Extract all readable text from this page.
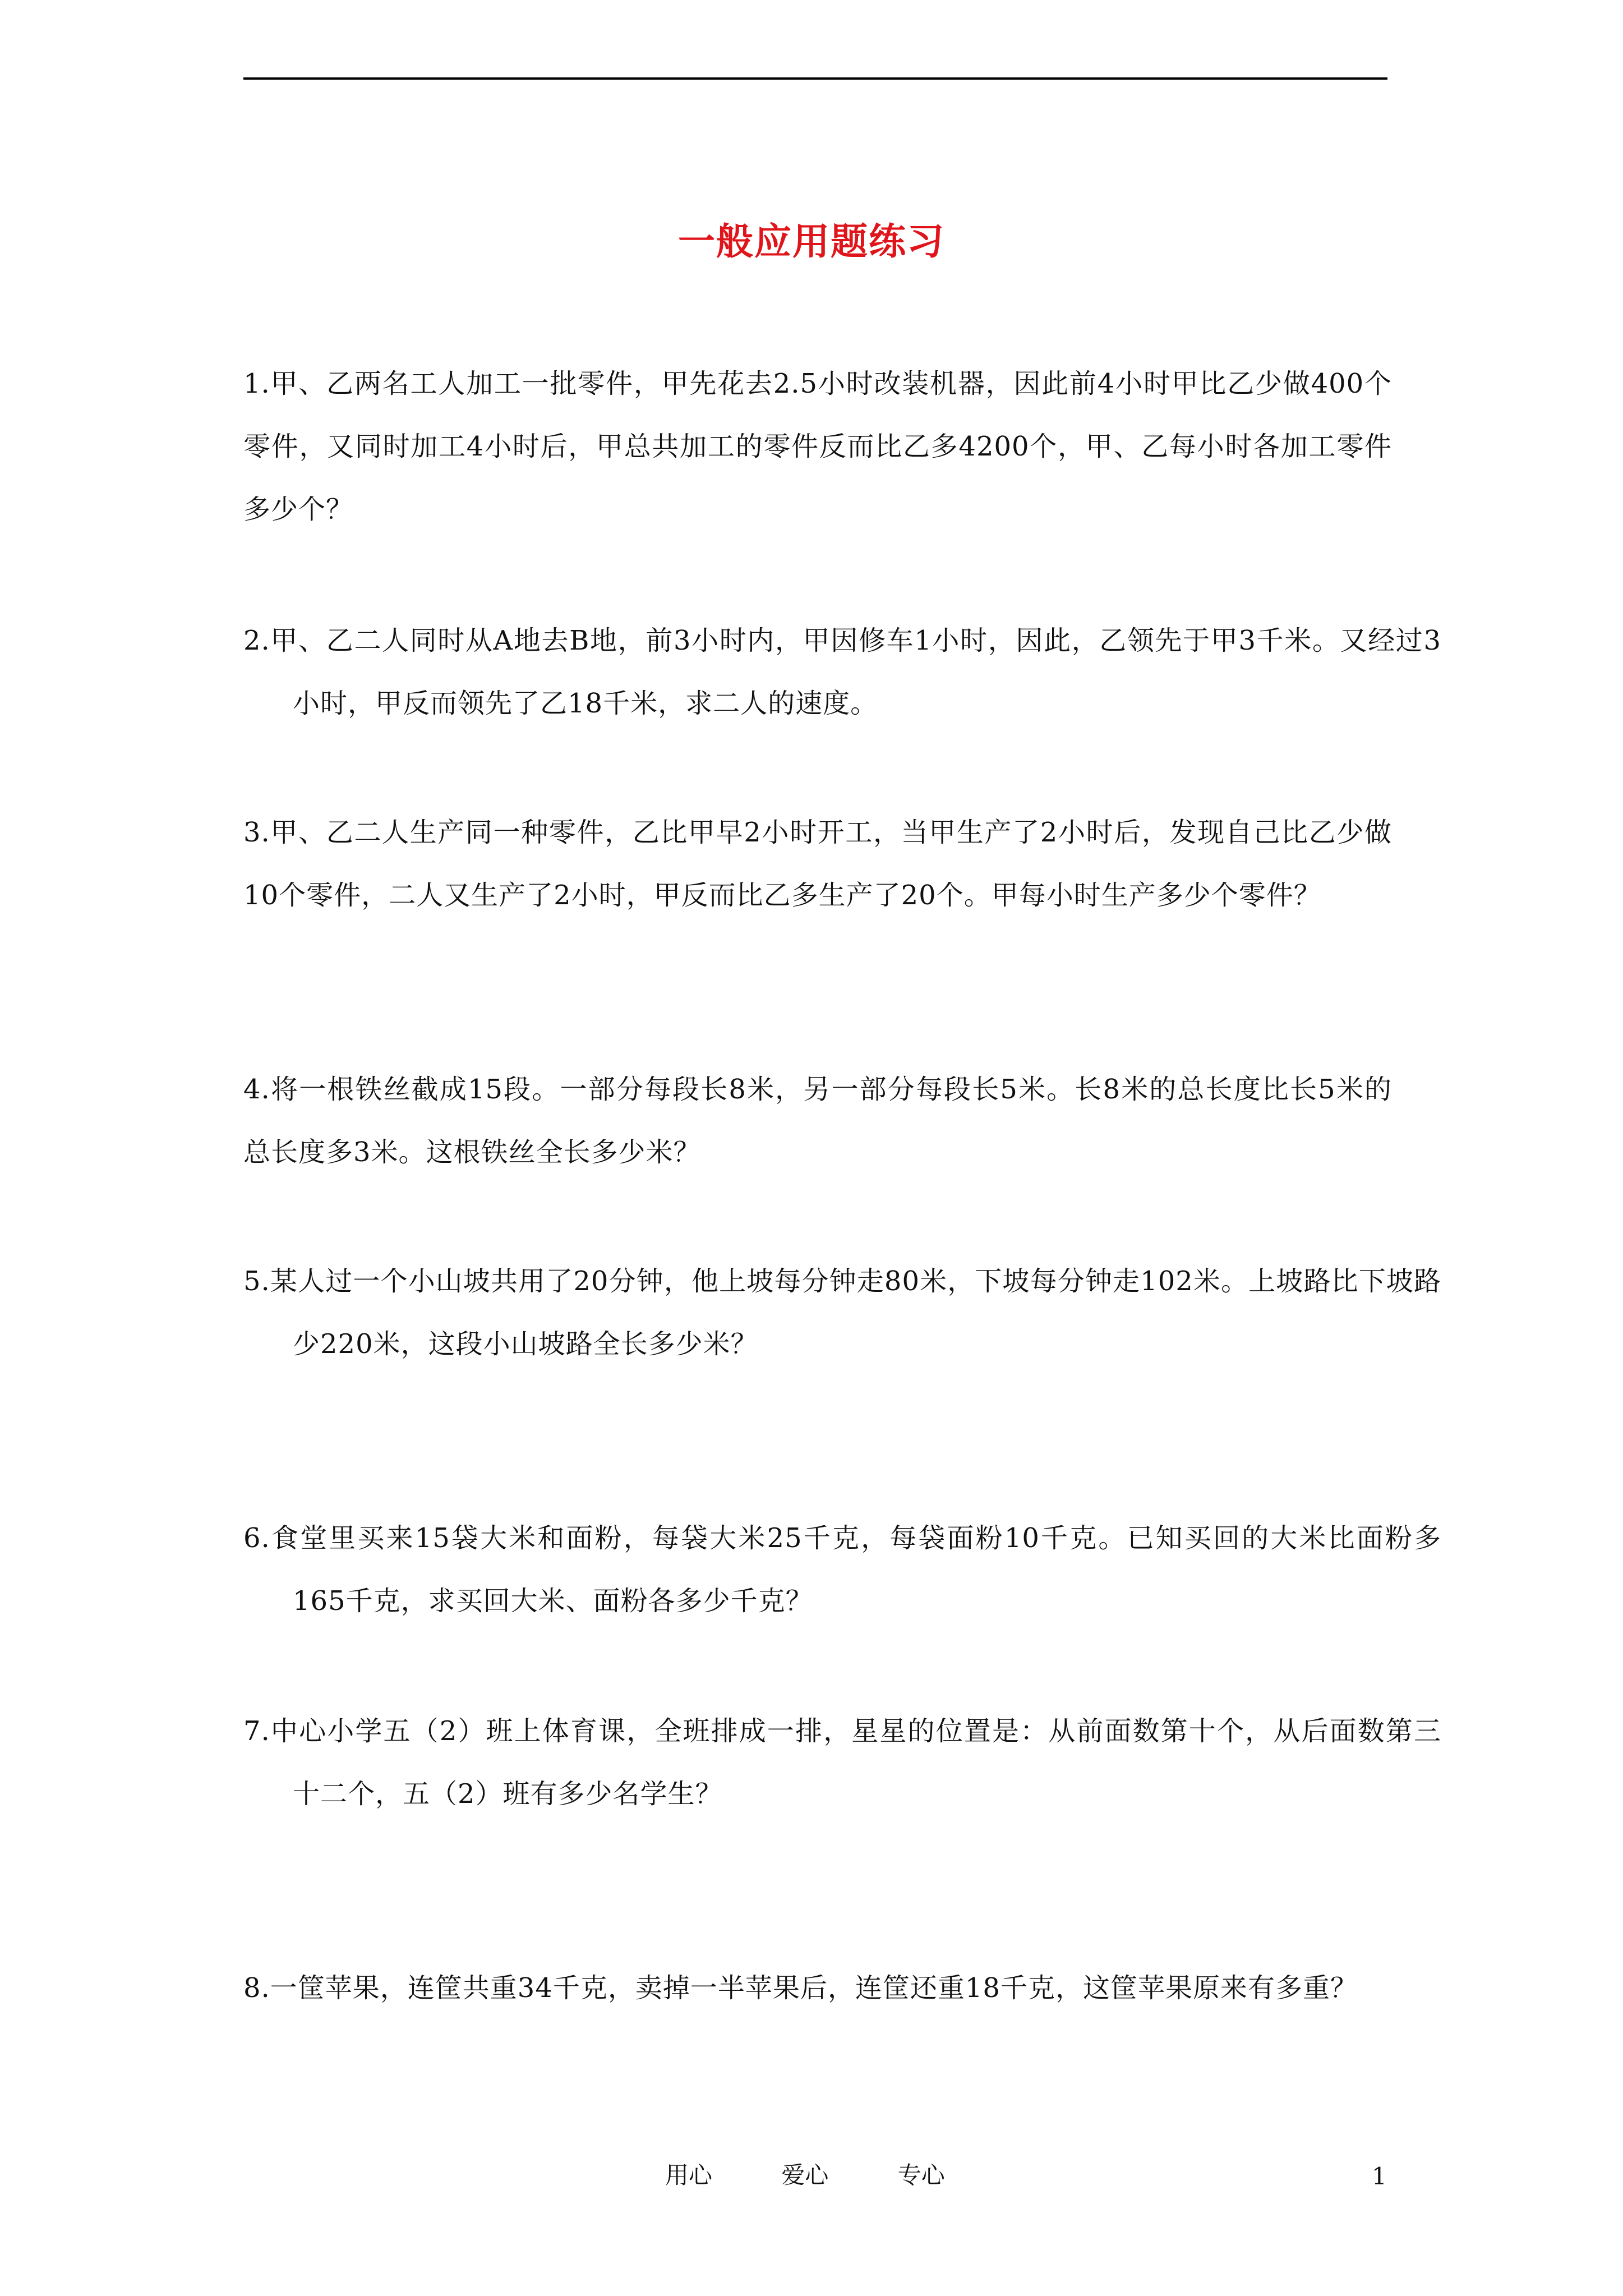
一般应用题练习

1.甲、乙两名工人加工一批零件，甲先花去2.5小时改装机器，因此前4小时甲比乙少做400个零件，又同时加工4小时后，甲总共加工的零件反而比乙多4200个，甲、乙每小时各加工零件多少个？

2.甲、乙二人同时从A地去B地，前3小时内，甲因修车1小时，因此，乙领先于甲3千米。又经过3小时，甲反而领先了乙18千米，求二人的速度。

3.甲、乙二人生产同一种零件，乙比甲早2小时开工，当甲生产了2小时后，发现自己比乙少做10个零件，二人又生产了2小时，甲反而比乙多生产了20个。甲每小时生产多少个零件？

4.将一根铁丝截成15段。一部分每段长8米，另一部分每段长5米。长8米的总长度比长5米的总长度多3米。这根铁丝全长多少米？

5.某人过一个小山坡共用了20分钟，他上坡每分钟走80米，下坡每分钟走102米。上坡路比下坡路少220米，这段小山坡路全长多少米？

6.食堂里买来15袋大米和面粉，每袋大米25千克，每袋面粉10千克。已知买回的大米比面粉多165千克，求买回大米、面粉各多少千克？

7.中心小学五（2）班上体育课，全班排成一排，星星的位置是：从前面数第十个，从后面数第三十二个，五（2）班有多少名学生？

8.一筐苹果，连筐共重34千克，卖掉一半苹果后，连筐还重18千克，这筐苹果原来有多重？

用心	爱心	专心	1
